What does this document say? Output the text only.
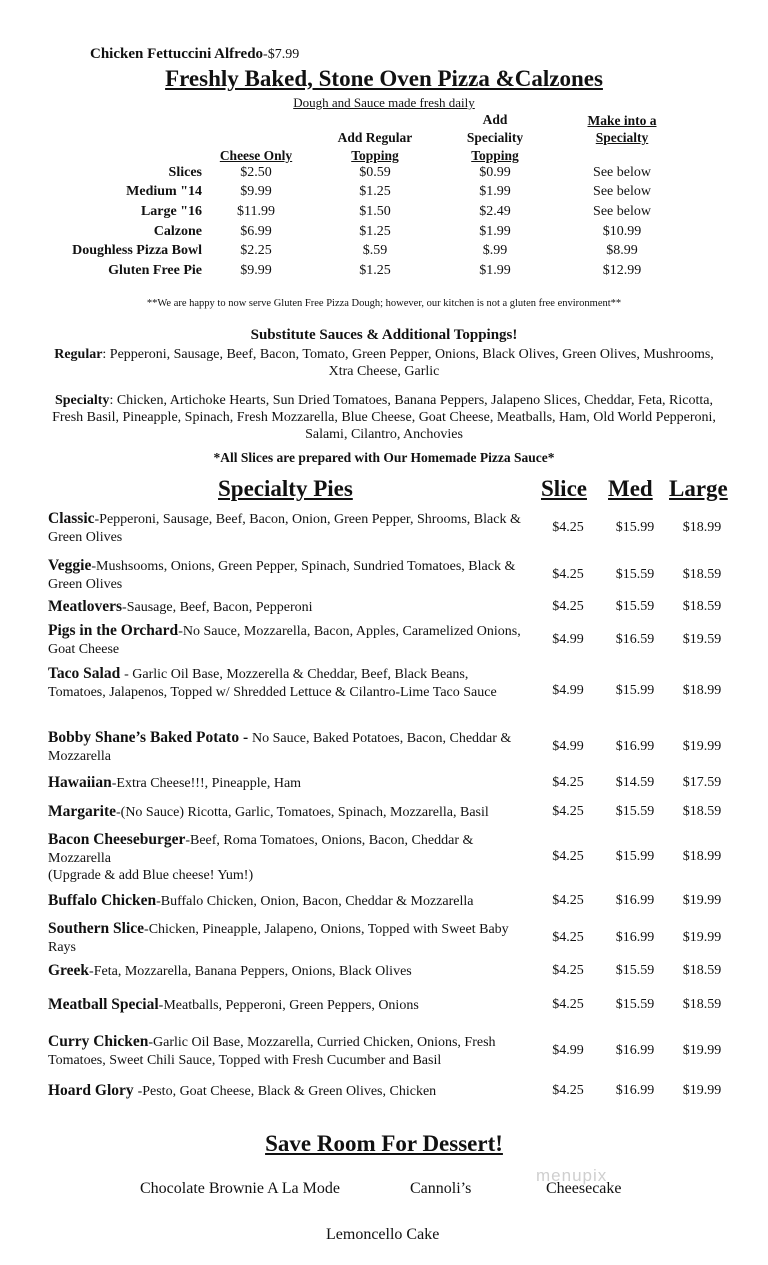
Chicken Fettuccini Alfredo-$7.99
Freshly Baked, Stone Oven Pizza &Calzones
Dough and Sauce made fresh daily
Cheese Only
Add Regular
Topping
Add
Speciality
Topping
Make into a
Specialty
Slices	$2.50	$0.59	$0.99	See below
Medium "14	$9.99	$1.25	$1.99	See below
Large "16	$11.99	$1.50	$2.49	See below
Calzone	$6.99	$1.25	$1.99	$10.99
Doughless Pizza Bowl	$2.25	$.59	$.99	$8.99
Gluten Free Pie	$9.99	$1.25	$1.99	$12.99
**We are happy to now serve Gluten Free Pizza Dough; however, our kitchen is not a gluten free environment**
Substitute Sauces & Additional Toppings!
Regular: Pepperoni, Sausage, Beef, Bacon, Tomato, Green Pepper, Onions, Black Olives, Green Olives, Mushrooms, Xtra Cheese, Garlic
Specialty: Chicken, Artichoke Hearts, Sun Dried Tomatoes, Banana Peppers, Jalapeno Slices, Cheddar, Feta, Ricotta, Fresh Basil, Pineapple, Spinach, Fresh Mozzarella, Blue Cheese, Goat Cheese, Meatballs, Ham, Old World Pepperoni, Salami, Cilantro, Anchovies
*All Slices are prepared with Our Homemade Pizza Sauce*
Specialty Pies	Slice Med Large
Classic-Pepperoni, Sausage, Beef, Bacon, Onion, Green Pepper, Shrooms, Black & Green Olives
$4.25	$15.99	$18.99
Veggie-Mushsooms, Onions, Green Pepper, Spinach, Sundried Tomatoes, Black & Green Olives
$4.25	$15.59	$18.59
Meatlovers-Sausage, Beef, Bacon, Pepperoni	$4.25	$15.59	$18.59
Pigs in the Orchard-No Sauce, Mozzarella, Bacon, Apples, Caramelized Onions, Goat Cheese
$4.99	$16.59	$19.59
Taco Salad - Garlic Oil Base, Mozzerella & Cheddar, Beef, Black Beans, Tomatoes, Jalapenos, Topped w/ Shredded Lettuce & Cilantro-Lime Taco Sauce	$4.99	$15.99	$18.99
Bobby Shane’s Baked Potato - No Sauce, Baked Potatoes, Bacon, Cheddar & Mozzarella
$4.99	$16.99	$19.99
Hawaiian-Extra Cheese!!!, Pineapple, Ham	$4.25	$14.59	$17.59
Margarite-(No Sauce) Ricotta, Garlic, Tomatoes, Spinach, Mozzarella, Basil	$4.25	$15.59	$18.59
Bacon Cheeseburger-Beef, Roma Tomatoes, Onions, Bacon, Cheddar & Mozzarella
(Upgrade & add Blue cheese! Yum!)
$4.25	$15.99	$18.99
Buffalo Chicken-Buffalo Chicken, Onion, Bacon, Cheddar & Mozzarella	$4.25	$16.99	$19.99
Southern Slice-Chicken, Pineapple, Jalapeno, Onions, Topped with Sweet Baby Rays
$4.25	$16.99	$19.99
Greek-Feta, Mozzarella, Banana Peppers, Onions, Black Olives	$4.25	$15.59	$18.59
Meatball Special-Meatballs, Pepperoni, Green Peppers, Onions	$4.25	$15.59	$18.59
Curry Chicken-Garlic Oil Base, Mozzarella, Curried Chicken, Onions, Fresh Tomatoes, Sweet Chili Sauce, Topped with Fresh Cucumber and Basil
$4.99	$16.99	$19.99
Hoard Glory -Pesto, Goat Cheese, Black & Green Olives, Chicken	$4.25	$16.99	$19.99
Save Room For Dessert!
menupix
Chocolate Brownie A La Mode	Cannoli’s	Cheesecake
Lemoncello Cake
